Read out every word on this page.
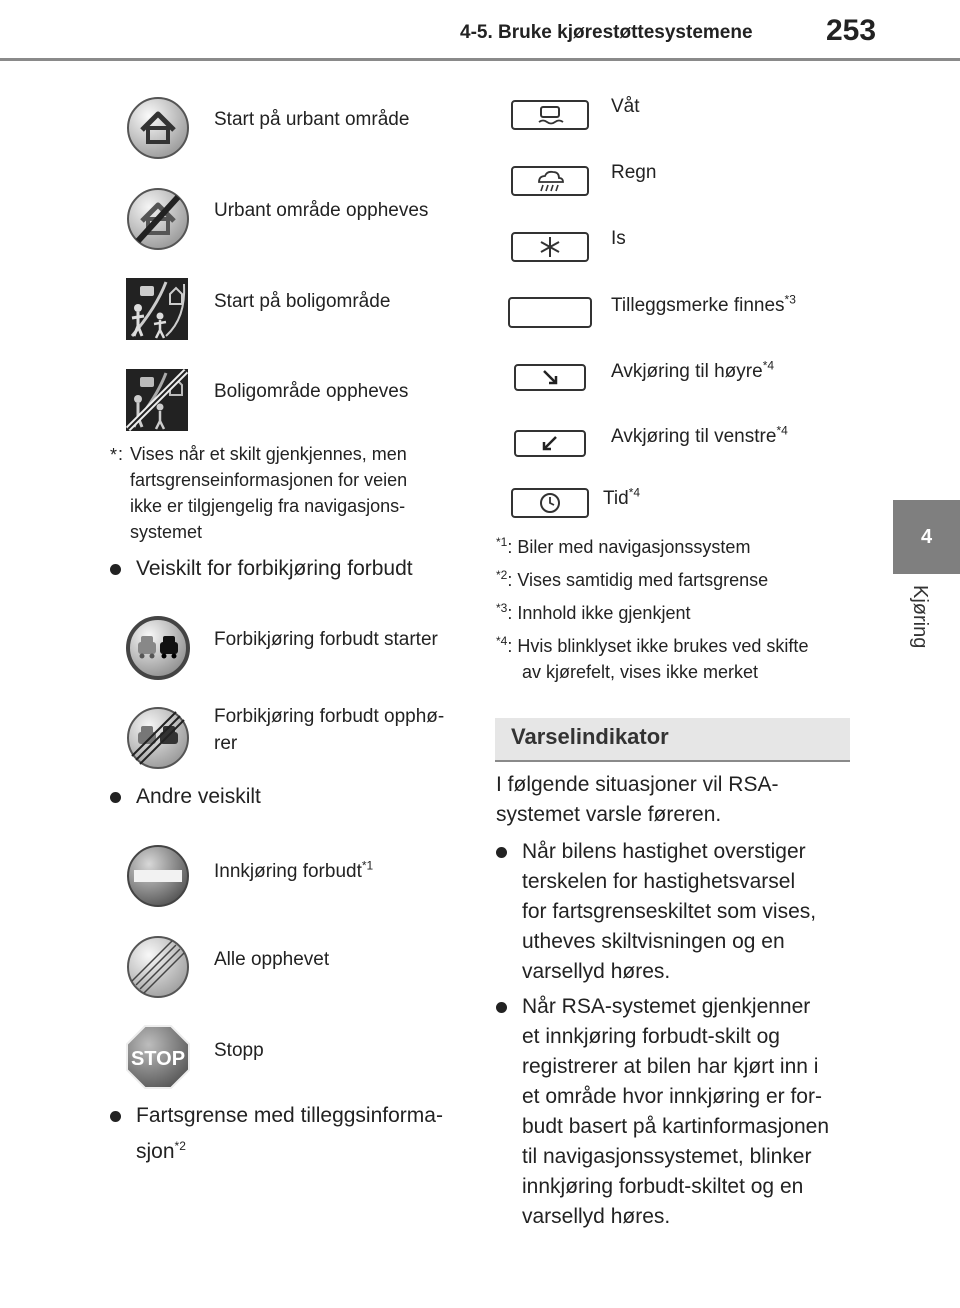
4-5. Bruke kjørestøttesystemene 253
4
Kjøring
Start på urbant område
Urbant område oppheves
Start på boligområde
Boligområde oppheves
* : Vises når et skilt gjenkjennes, men
fartsgrenseinformasjonen for veien
ikke er tilgjengelig fra navigasjons-
systemet
Veiskilt for forbikjøring forbudt
Forbikjøring forbudt starter
Forbikjøring forbudt opphø-
rer
Andre veiskilt
Innkjøring forbudt$^{*1}$
Alle opphevet
STOP Stopp
Fartsgrense med tilleggsinforma-
sjon$^{*2}$
Våt
Regn
Is
Tilleggsmerke finnes$^{*3}$
Avkjøring til høyre$^{*4}$
Avkjøring til venstre$^{*4}$
Tid$^{*4}$
$^{*1}$: Biler med navigasjonssystem
$^{*2}$: Vises samtidig med fartsgrense
$^{*3}$: Innhold ikke gjenkjent
$^{*4}$: Hvis blinklyset ikke brukes ved skifte
av kjørefelt, vises ikke merket
Varselindikator
I følgende situasjoner vil RSA-
systemet varsle føreren.
Når bilens hastighet overstiger
terskelen for hastighetsvarsel
for fartsgrenseskiltet som vises,
utheves skiltvisningen og en
varsellyd høres.
Når RSA-systemet gjenkjenner
et innkjøring forbudt-skilt og
registrerer at bilen har kjørt inn i
et område hvor innkjøring er for-
budt basert på kartinformasjonen
til navigasjonssystemet, blinker
innkjøring forbudt-skiltet og en
varsellyd høres.
